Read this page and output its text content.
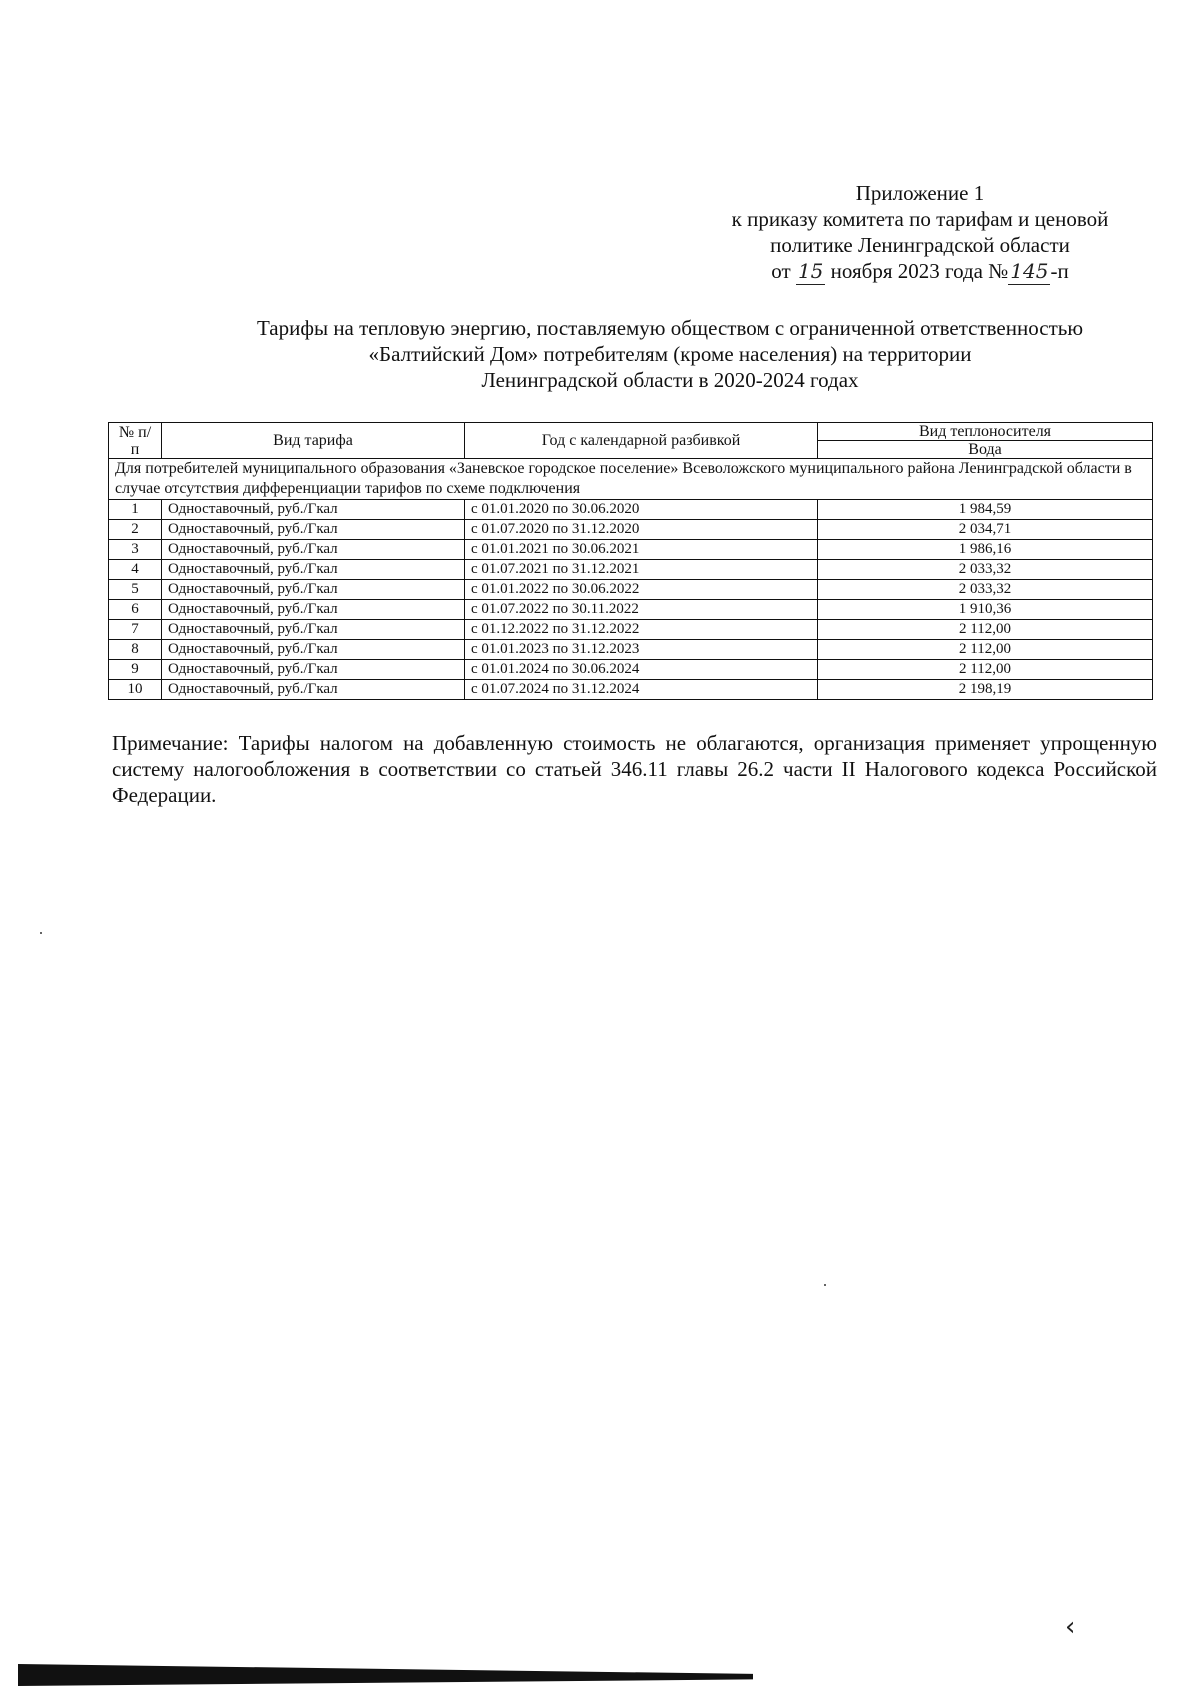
Приложение 1
к приказу комитета по тарифам и ценовой
политике Ленинградской области
от 15 ноября 2023 года № 145-п
Тарифы на тепловую энергию, поставляемую обществом с ограниченной ответственностью
«Балтийский Дом» потребителям (кроме населения) на территории
Ленинградской области в 2020-2024 годах
№ п/п	Вид тарифа	Год с календарной разбивкой	Вид теплоносителя
			Вода
Для потребителей муниципального образования «Заневское городское поселение» Всеволожского муниципального района Ленинградской области в случае отсутствия дифференциации тарифов по схеме подключения			
1	Одноставочный, руб./Гкал	с 01.01.2020 по 30.06.2020	1 984,59
2	Одноставочный, руб./Гкал	с 01.07.2020 по 31.12.2020	2 034,71
3	Одноставочный, руб./Гкал	с 01.01.2021 по 30.06.2021	1 986,16
4	Одноставочный, руб./Гкал	с 01.07.2021 по 31.12.2021	2 033,32
5	Одноставочный, руб./Гкал	с 01.01.2022 по 30.06.2022	2 033,32
6	Одноставочный, руб./Гкал	с 01.07.2022 по 30.11.2022	1 910,36
7	Одноставочный, руб./Гкал	с 01.12.2022 по 31.12.2022	2 112,00
8	Одноставочный, руб./Гкал	с 01.01.2023 по 31.12.2023	2 112,00
9	Одноставочный, руб./Гкал	с 01.01.2024 по 30.06.2024	2 112,00
10	Одноставочный, руб./Гкал	с 01.07.2024 по 31.12.2024	2 198,19
Примечание: Тарифы налогом на добавленную стоимость не облагаются, организация применяет упрощенную систему налогообложения в соответствии со статьей 346.11 главы 26.2 части II Налогового кодекса Российской Федерации.
‹
